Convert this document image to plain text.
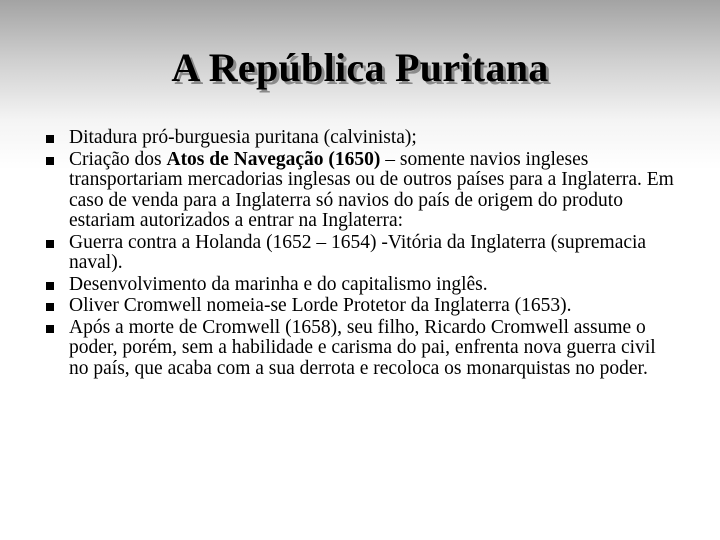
A República Puritana
Ditadura pró-burguesia puritana (calvinista);
Criação dos Atos de Navegação (1650) – somente navios ingleses transportariam mercadorias inglesas ou de outros países para a Inglaterra. Em caso de venda para a Inglaterra só navios do país de origem do produto estariam autorizados a entrar na Inglaterra:
Guerra contra a Holanda (1652 – 1654) -Vitória da Inglaterra (supremacia naval).
Desenvolvimento da marinha e do capitalismo inglês.
Oliver Cromwell nomeia-se Lorde Protetor da Inglaterra (1653).
Após a morte de Cromwell (1658), seu filho, Ricardo Cromwell assume o poder, porém, sem a habilidade e carisma do pai, enfrenta nova guerra civil no país, que acaba com a sua derrota e recoloca os monarquistas no poder.
